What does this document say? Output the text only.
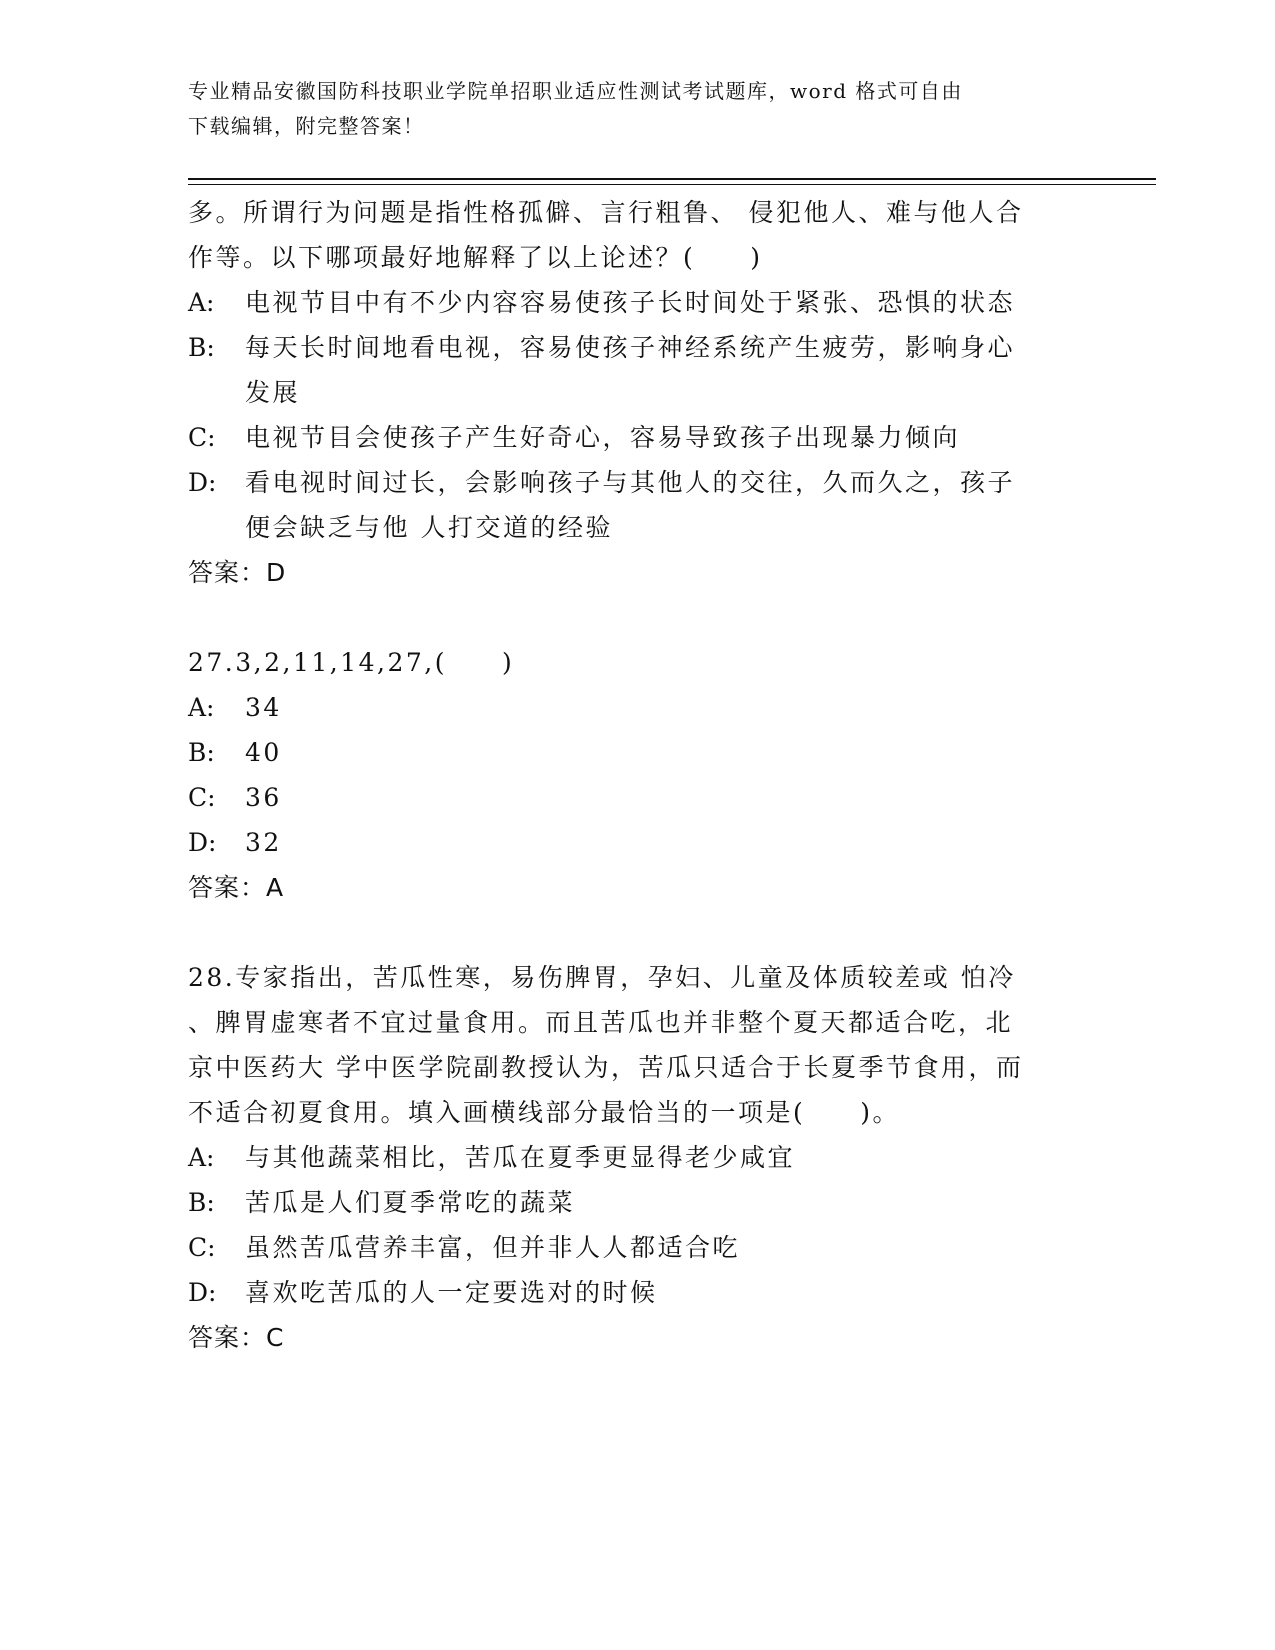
专业精品安徽国防科技职业学院单招职业适应性测试考试题库，word 格式可自由
下载编辑，附完整答案！
多。所谓行为问题是指性格孤僻、言行粗鲁、 侵犯他人、难与他人合
作等。以下哪项最好地解释了以上论述？(　　)
A:	电视节目中有不少内容容易使孩子长时间处于紧张、恐惧的状态
B:	每天长时间地看电视，容易使孩子神经系统产生疲劳，影响身心
发展
C:	电视节目会使孩子产生好奇心，容易导致孩子出现暴力倾向
D:	看电视时间过长，会影响孩子与其他人的交往，久而久之，孩子
便会缺乏与他 人打交道的经验
答案：D
27.3,2,11,14,27,(　　)
A:	34
B:	40
C:	36
D:	32
答案：A
28.专家指出，苦瓜性寒，易伤脾胃，孕妇、儿童及体质较差或 怕冷
、脾胃虚寒者不宜过量食用。而且苦瓜也并非整个夏天都适合吃，北
京中医药大 学中医学院副教授认为，苦瓜只适合于长夏季节食用，而
不适合初夏食用。填入画横线部分最恰当的一项是(　　)。
A:	与其他蔬菜相比，苦瓜在夏季更显得老少咸宜
B:	苦瓜是人们夏季常吃的蔬菜
C:	虽然苦瓜营养丰富，但并非人人都适合吃
D:	喜欢吃苦瓜的人一定要选对的时候
答案：C
